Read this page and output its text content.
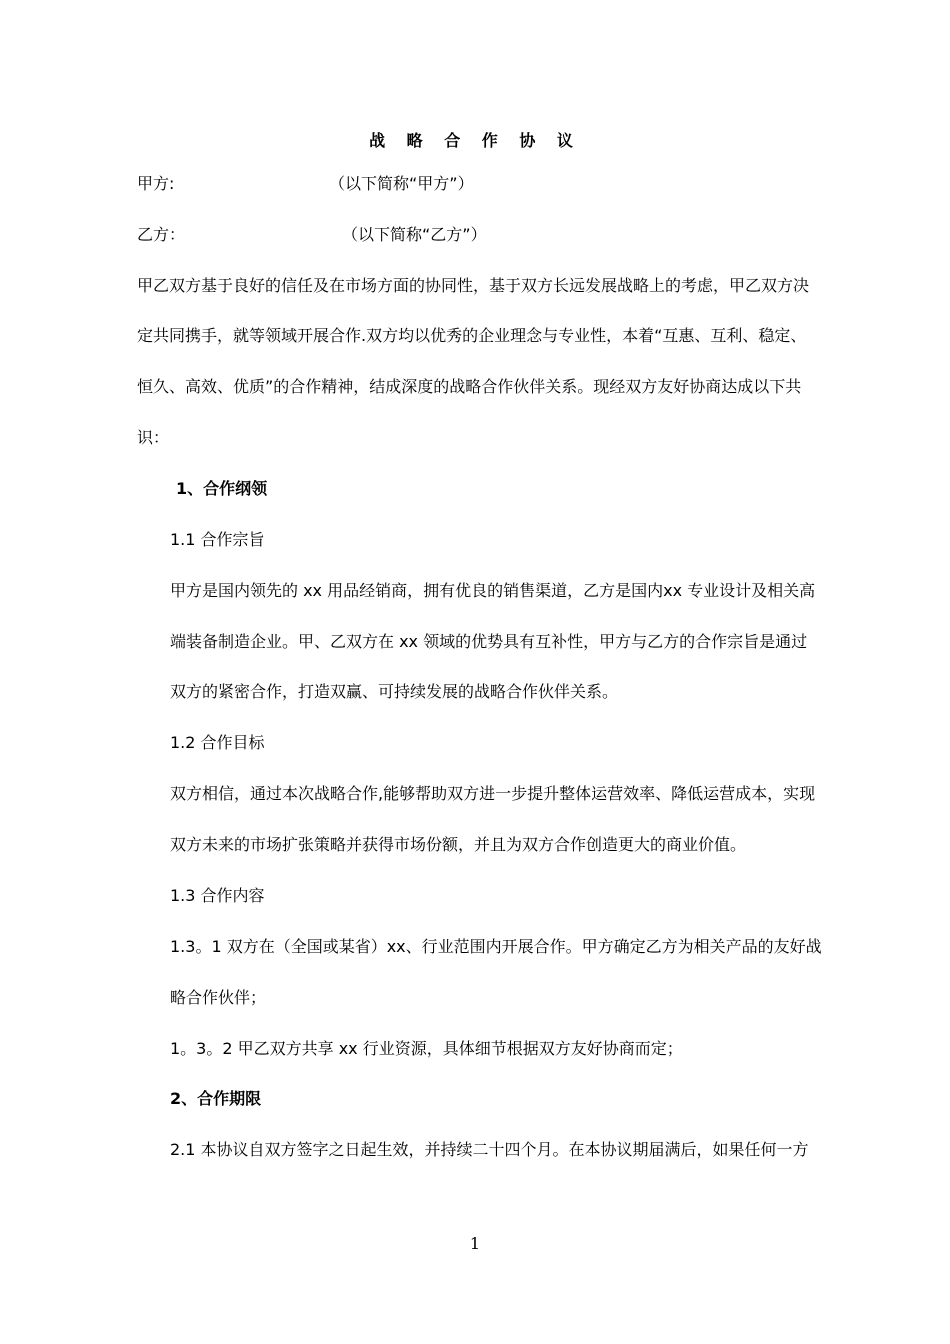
战 略 合 作 协 议
甲方:	（以下简称“甲方”）
乙方：	（以下简称“乙方”）
甲乙双方基于良好的信任及在市场方面的协同性，基于双方长远发展战略上的考虑，甲乙双方决
定共同携手，就等领域开展合作.双方均以优秀的企业理念与专业性，本着“互惠、互利、稳定、
恒久、高效、优质”的合作精神，结成深度的战略合作伙伴关系。现经双方友好协商达成以下共
识：
1、合作纲领
1.1 合作宗旨
甲方是国内领先的 xx 用品经销商，拥有优良的销售渠道，乙方是国内xx 专业设计及相关高
端装备制造企业。甲、乙双方在 xx 领域的优势具有互补性，甲方与乙方的合作宗旨是通过
双方的紧密合作，打造双赢、可持续发展的战略合作伙伴关系。
1.2 合作目标
双方相信，通过本次战略合作,能够帮助双方进一步提升整体运营效率、降低运营成本，实现
双方未来的市场扩张策略并获得市场份额，并且为双方合作创造更大的商业价值。
1.3 合作内容
1.3。1 双方在（全国或某省）xx、行业范围内开展合作。甲方确定乙方为相关产品的友好战
略合作伙伴；
1。3。2 甲乙双方共享 xx 行业资源，具体细节根据双方友好协商而定；
2、合作期限
2.1 本协议自双方签字之日起生效，并持续二十四个月。在本协议期届满后，如果任何一方
1
